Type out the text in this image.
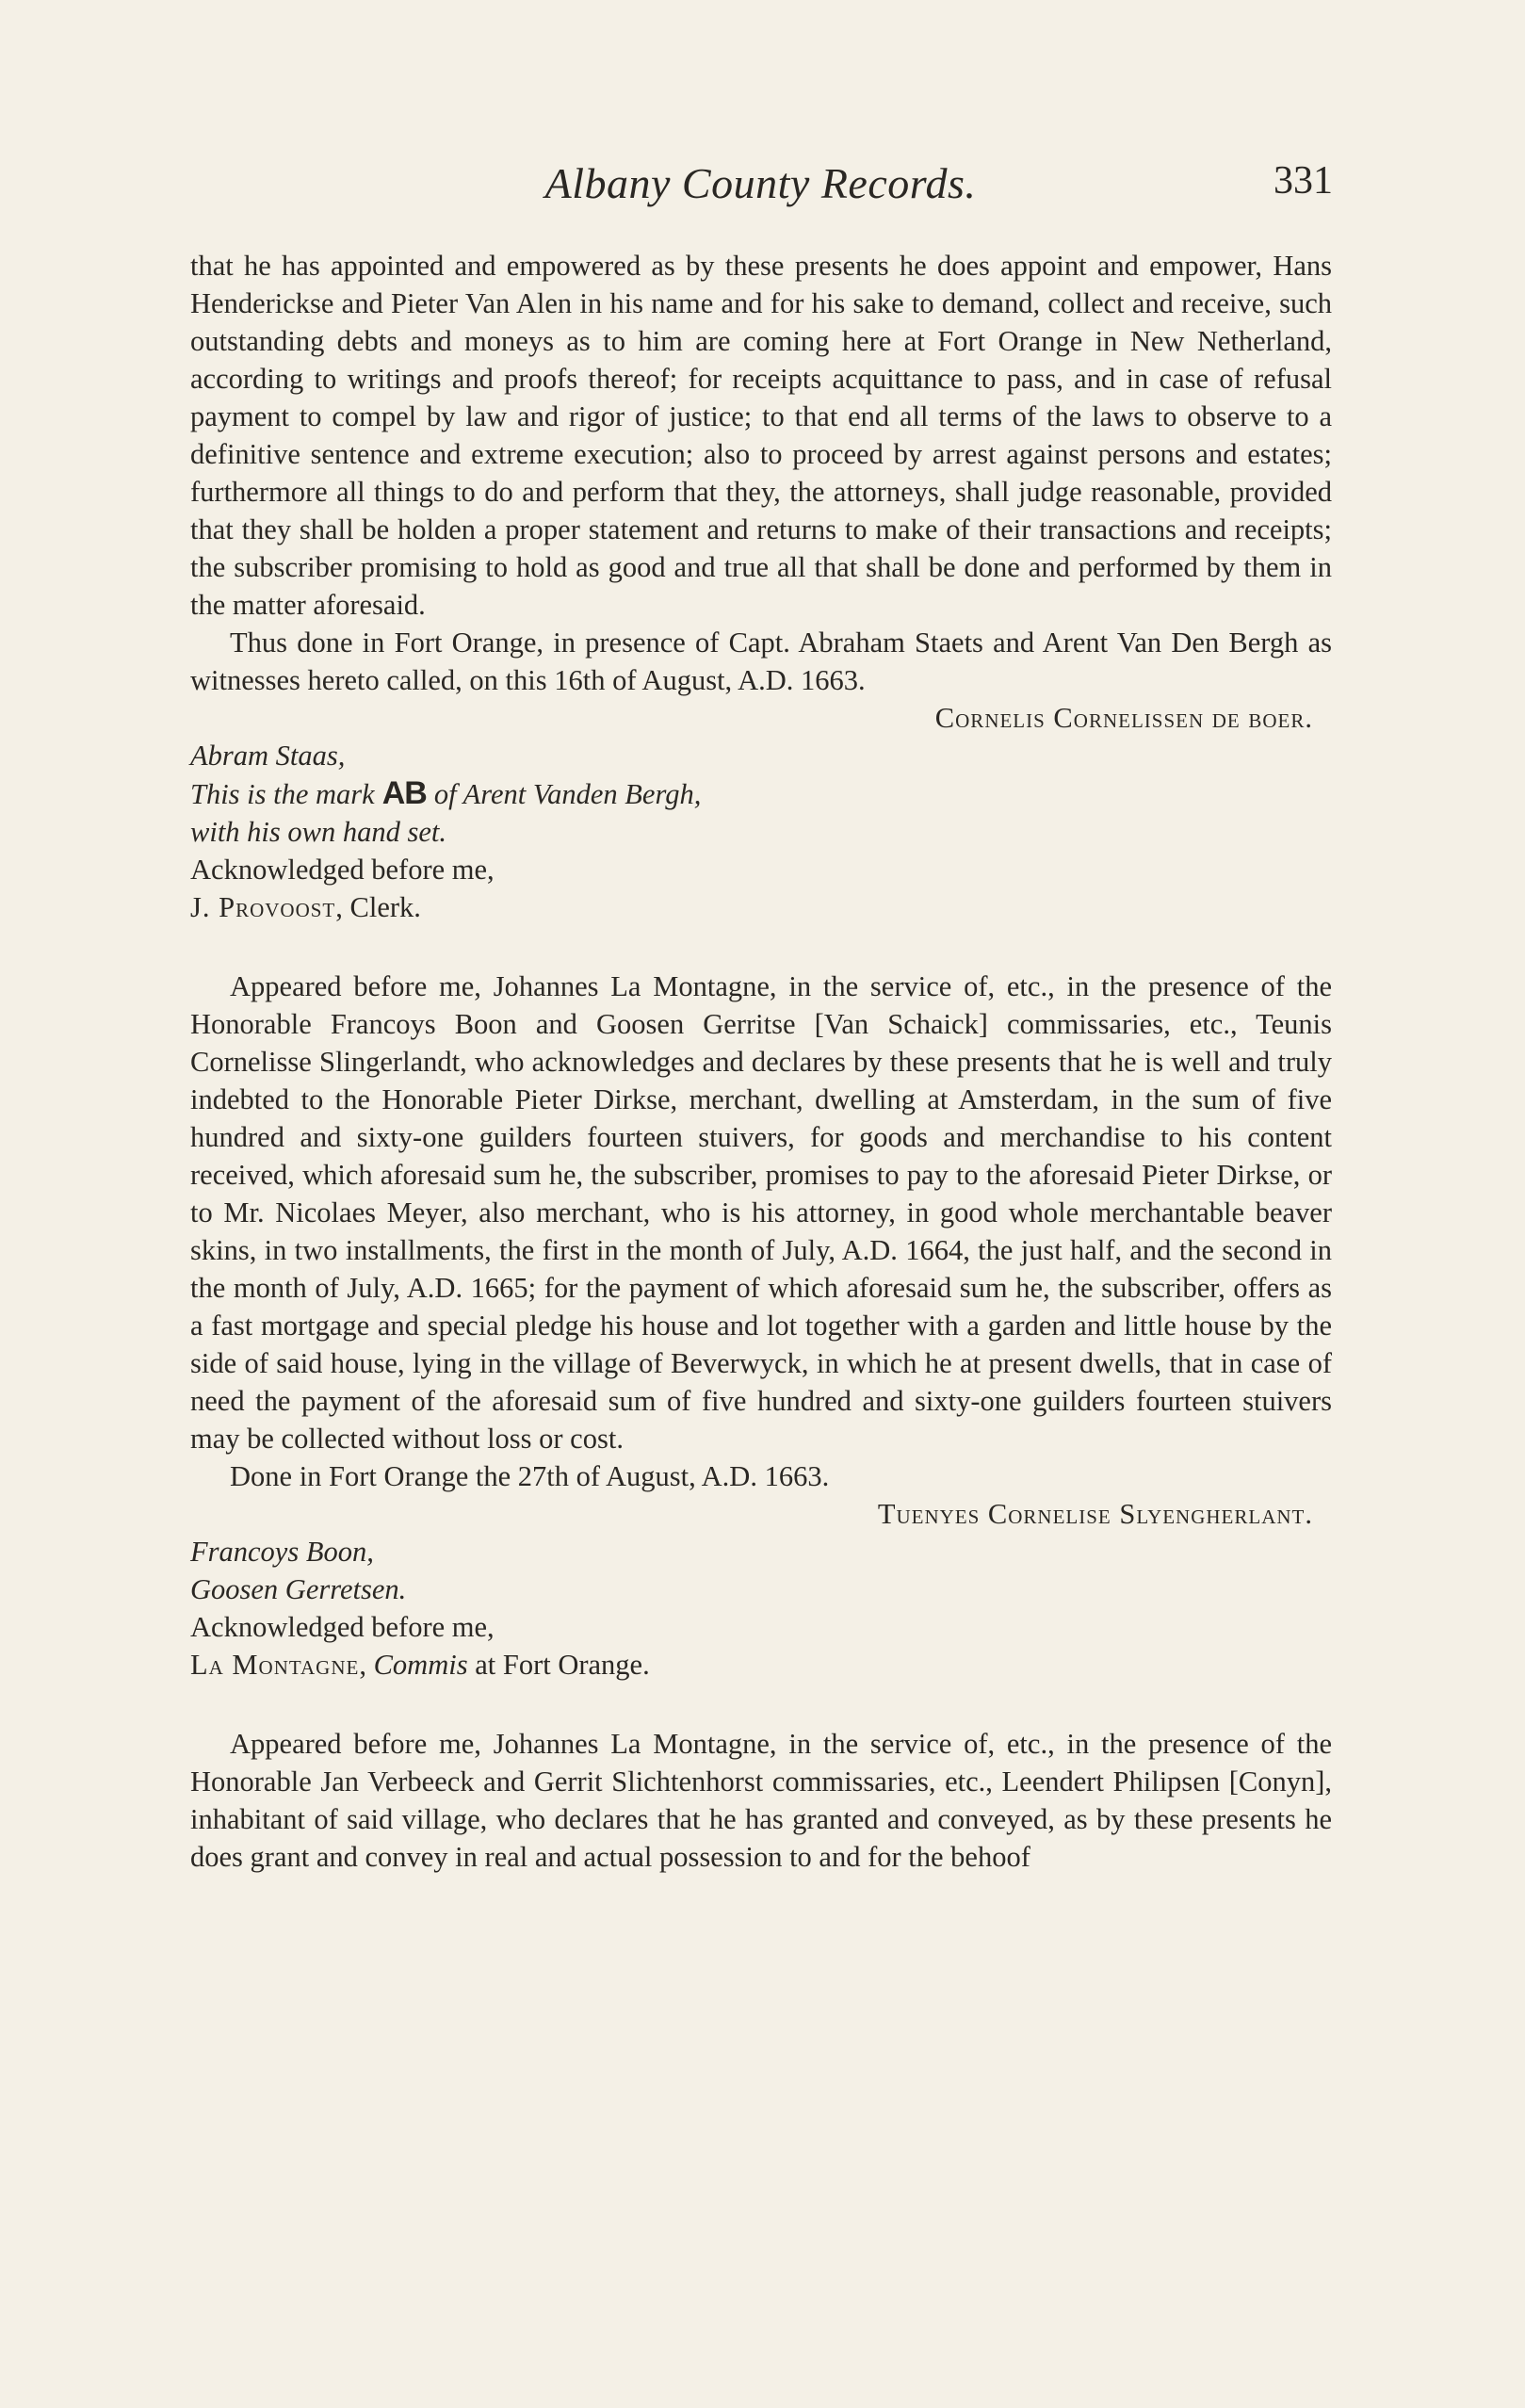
Albany County Records.	331

that he has appointed and empowered as by these presents he does appoint and empower, Hans Henderickse and Pieter Van Alen in his name and for his sake to demand, collect and receive, such outstanding debts and moneys as to him are coming here at Fort Orange in New Netherland, according to writings and proofs thereof; for receipts acquittance to pass, and in case of refusal payment to compel by law and rigor of justice; to that end all terms of the laws to observe to a definitive sentence and extreme execution; also to proceed by arrest against persons and estates; furthermore all things to do and perform that they, the attorneys, shall judge reasonable, provided that they shall be holden a proper statement and returns to make of their transactions and receipts; the subscriber promising to hold as good and true all that shall be done and performed by them in the matter aforesaid.

Thus done in Fort Orange, in presence of Capt. Abraham Staets and Arent Van Den Bergh as witnesses hereto called, on this 16th of August, A.D. 1663.

Cornelis Cornelissen de boer.

Abram Staas,

This is the mark AB of Arent Vanden Bergh,

with his own hand set.

Acknowledged before me,

J. Provoost, Clerk.

Appeared before me, Johannes La Montagne, in the service of, etc., in the presence of the Honorable Francoys Boon and Goosen Gerritse [Van Schaick] commissaries, etc., Teunis Cornelisse Slingerlandt, who acknowledges and declares by these presents that he is well and truly indebted to the Honorable Pieter Dirkse, merchant, dwelling at Amsterdam, in the sum of five hundred and sixty-one guilders fourteen stuivers, for goods and merchandise to his content received, which aforesaid sum he, the subscriber, promises to pay to the aforesaid Pieter Dirkse, or to Mr. Nicolaes Meyer, also merchant, who is his attorney, in good whole merchantable beaver skins, in two installments, the first in the month of July, A.D. 1664, the just half, and the second in the month of July, A.D. 1665; for the payment of which aforesaid sum he, the subscriber, offers as a fast mortgage and special pledge his house and lot together with a garden and little house by the side of said house, lying in the village of Beverwyck, in which he at present dwells, that in case of need the payment of the aforesaid sum of five hundred and sixty-one guilders fourteen stuivers may be collected without loss or cost.

Done in Fort Orange the 27th of August, A.D. 1663.

Tuenyes Cornelise Slyengherlant.

Francoys Boon,

Goosen Gerretsen.

Acknowledged before me,

La Montagne, Commis at Fort Orange.

Appeared before me, Johannes La Montagne, in the service of, etc., in the presence of the Honorable Jan Verbeeck and Gerrit Slichtenhorst commissaries, etc., Leendert Philipsen [Conyn], inhabitant of said village, who declares that he has granted and conveyed, as by these presents he does grant and convey in real and actual possession to and for the behoof
